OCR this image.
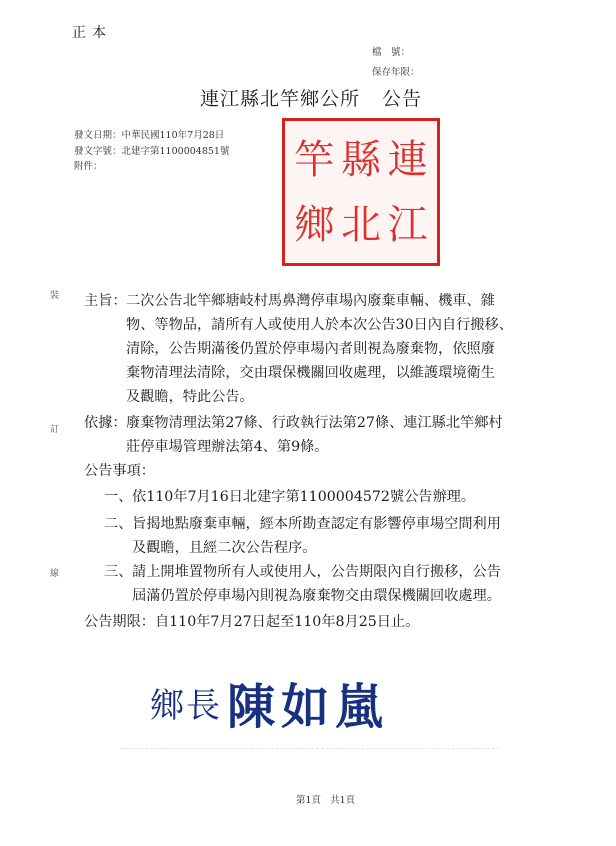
正本
檔　號：
保存年限：
連江縣北竿鄉公所 公告
發文日期：中華民國110年7月28日
發文字號：北建字第1100004851號
附件：	竿 縣 連
鄉 北 江
裝
訂
線
主旨： 二次公告北竿鄉塘岐村馬鼻灣停車場內廢棄車輛、機車、雜
物、等物品，請所有人或使用人於本次公告30日內自行搬移、
清除，公告期滿後仍置於停車場內者則視為廢棄物，依照廢
棄物清理法清除，交由環保機關回收處理，以維護環境衛生
及觀瞻，特此公告。
依據： 廢棄物清理法第27條、行政執行法第27條、連江縣北竿鄉村
莊停車場管理辦法第4、第9條。
公告事項：
一、 依110年7月16日北建字第1100004572號公告辦理。
二、 旨揭地點廢棄車輛，經本所勘查認定有影響停車場空間利用
及觀瞻，且經二次公告程序。
三、 請上開堆置物所有人或使用人，公告期限內自行搬移，公告
屆滿仍置於停車場內則視為廢棄物交由環保機關回收處理。
公告期限：自110年7月27日起至110年8月25日止。
鄉長 陳如嵐
第1頁 共1頁
